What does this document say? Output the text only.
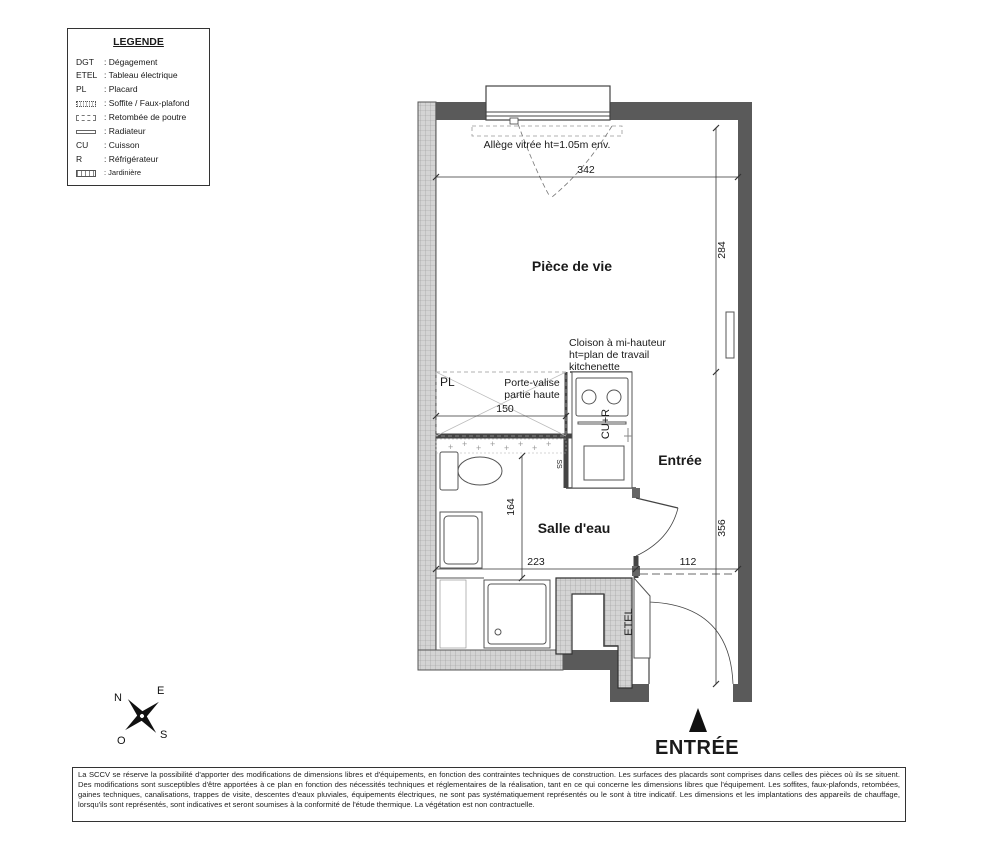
LEGENDE
DGT : Dégagement
ETEL : Tableau électrique
PL	: Placard
: Soffite / Faux-plafond
: Retombée de poutre
: Radiateur
CU : Cuisson
R	: Réfrigérateur
: Jardinière
+ + + + + + + +
Pièce de vie
Entrée
Salle d'eau
Allège vitrée ht=1.05m env.
Cloison à mi-hauteur
ht=plan de travail
kitchenette
Porte-valise
partie haute
PL
CU+R
ETEL
SS
342
284
150
164
223	112
356
N
E
S
O	ENTRÉE
La SCCV se réserve la possibilité d'apporter des modifications de dimensions libres et d'équipements, en fonction des contraintes techniques de construction. Les surfaces des placards sont comprises dans celles des pièces où ils se situent. Des modifications sont susceptibles d'être apportées à ce plan en fonction des nécessités techniques et réglementaires de la réalisation, tant en ce qui concerne les dimensions libres que l'équipement. Les soffites, faux-plafonds, retombées, gaines techniques, canalisations, trappes de visite, descentes d'eaux pluviales, équipements électriques, ne sont pas systématiquement représentés ou le sont à titre indicatif. Les dimensions et les implantations des appareils de chauffage, lorsqu'ils sont représentés, sont indicatives et seront soumises à la conformité de l'étude thermique. La végétation est non contractuelle.
